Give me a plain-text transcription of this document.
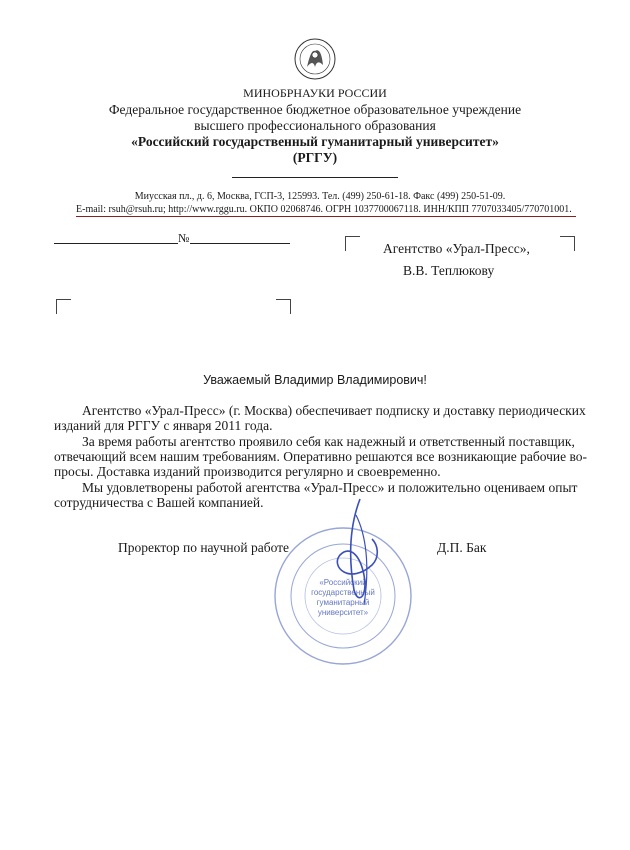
МИНОБРНАУКИ РОССИИ
Федеральное государственное бюджетное образовательное учреждение
высшего профессионального образования
«Российский государственный гуманитарный университет»
(РГГУ)
Миусская пл., д. 6, Москва, ГСП-3, 125993. Тел. (499) 250-61-18. Факс (499) 250-51-09.
E-mail: rsuh@rsuh.ru; http://www.rggu.ru. ОКПО 02068746. ОГРН 1037700067118. ИНН/КПП 7707033405/770701001.
№
Агентство «Урал-Пресс»,
В.В. Теплюкову
Уважаемый Владимир Владимирович!
Агентство «Урал-Пресс» (г. Москва) обеспечивает подписку и доставку периодических
изданий для РГГУ с января 2011 года.
За время работы агентство проявило себя как надежный и ответственный поставщик,
отвечающий всем нашим требованиям. Оперативно решаются все возникающие рабочие во-
просы. Доставка изданий производится регулярно и своевременно.
Мы удовлетворены работой агентства «Урал-Пресс» и положительно оцениваем опыт
сотрудничества с Вашей компанией.
«Российский
государственный
гуманитарный
университет»
Проректор по научной работе	Д.П. Бак
